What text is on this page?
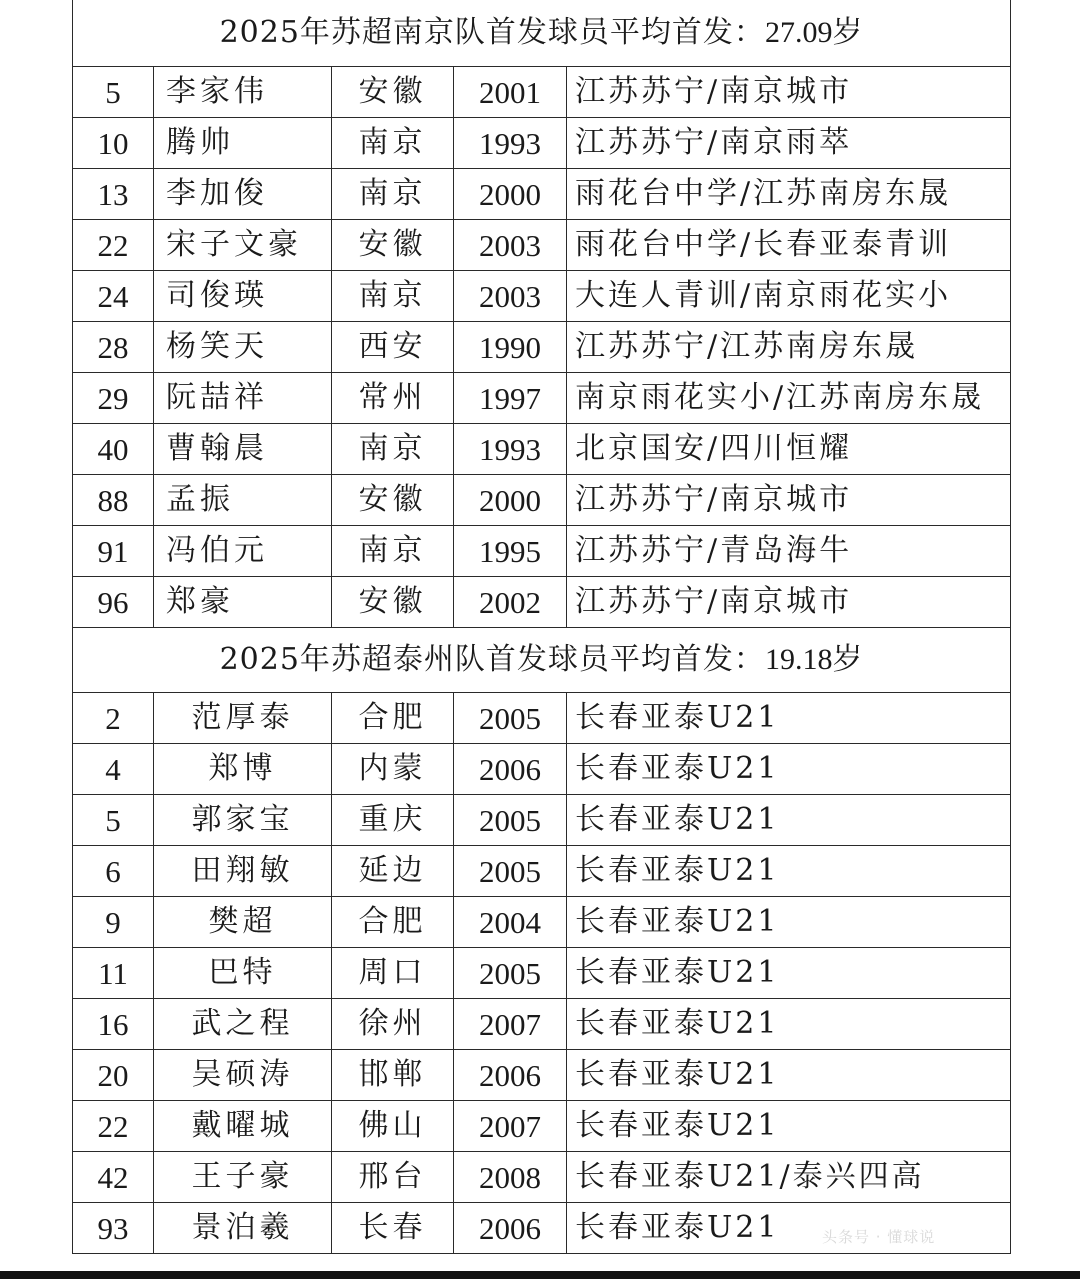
2025年苏超南京队首发球员平均首发：27.09岁				
5	李家伟	安徽	2001	江苏苏宁/南京城市
10	腾帅	南京	1993	江苏苏宁/南京雨萃
13	李加俊	南京	2000	雨花台中学/江苏南房东晟
22	宋子文豪	安徽	2003	雨花台中学/长春亚泰青训
24	司俊瑛	南京	2003	大连人青训/南京雨花实小
28	杨笑天	西安	1990	江苏苏宁/江苏南房东晟
29	阮喆祥	常州	1997	南京雨花实小/江苏南房东晟
40	曹翰晨	南京	1993	北京国安/四川恒耀
88	孟振	安徽	2000	江苏苏宁/南京城市
91	冯伯元	南京	1995	江苏苏宁/青岛海牛
96	郑豪	安徽	2002	江苏苏宁/南京城市
2025年苏超泰州队首发球员平均首发：19.18岁				
2	范厚泰	合肥	2005	长春亚泰U21
4	郑博	内蒙	2006	长春亚泰U21
5	郭家宝	重庆	2005	长春亚泰U21
6	田翔敏	延边	2005	长春亚泰U21
9	樊超	合肥	2004	长春亚泰U21
11	巴特	周口	2005	长春亚泰U21
16	武之程	徐州	2007	长春亚泰U21
20	吴硕涛	邯郸	2006	长春亚泰U21
22	戴曜城	佛山	2007	长春亚泰U21
42	王子豪	邢台	2008	长春亚泰U21/泰兴四高
93	景泊羲	长春	2006	长春亚泰U21	头条号 · 懂球说
